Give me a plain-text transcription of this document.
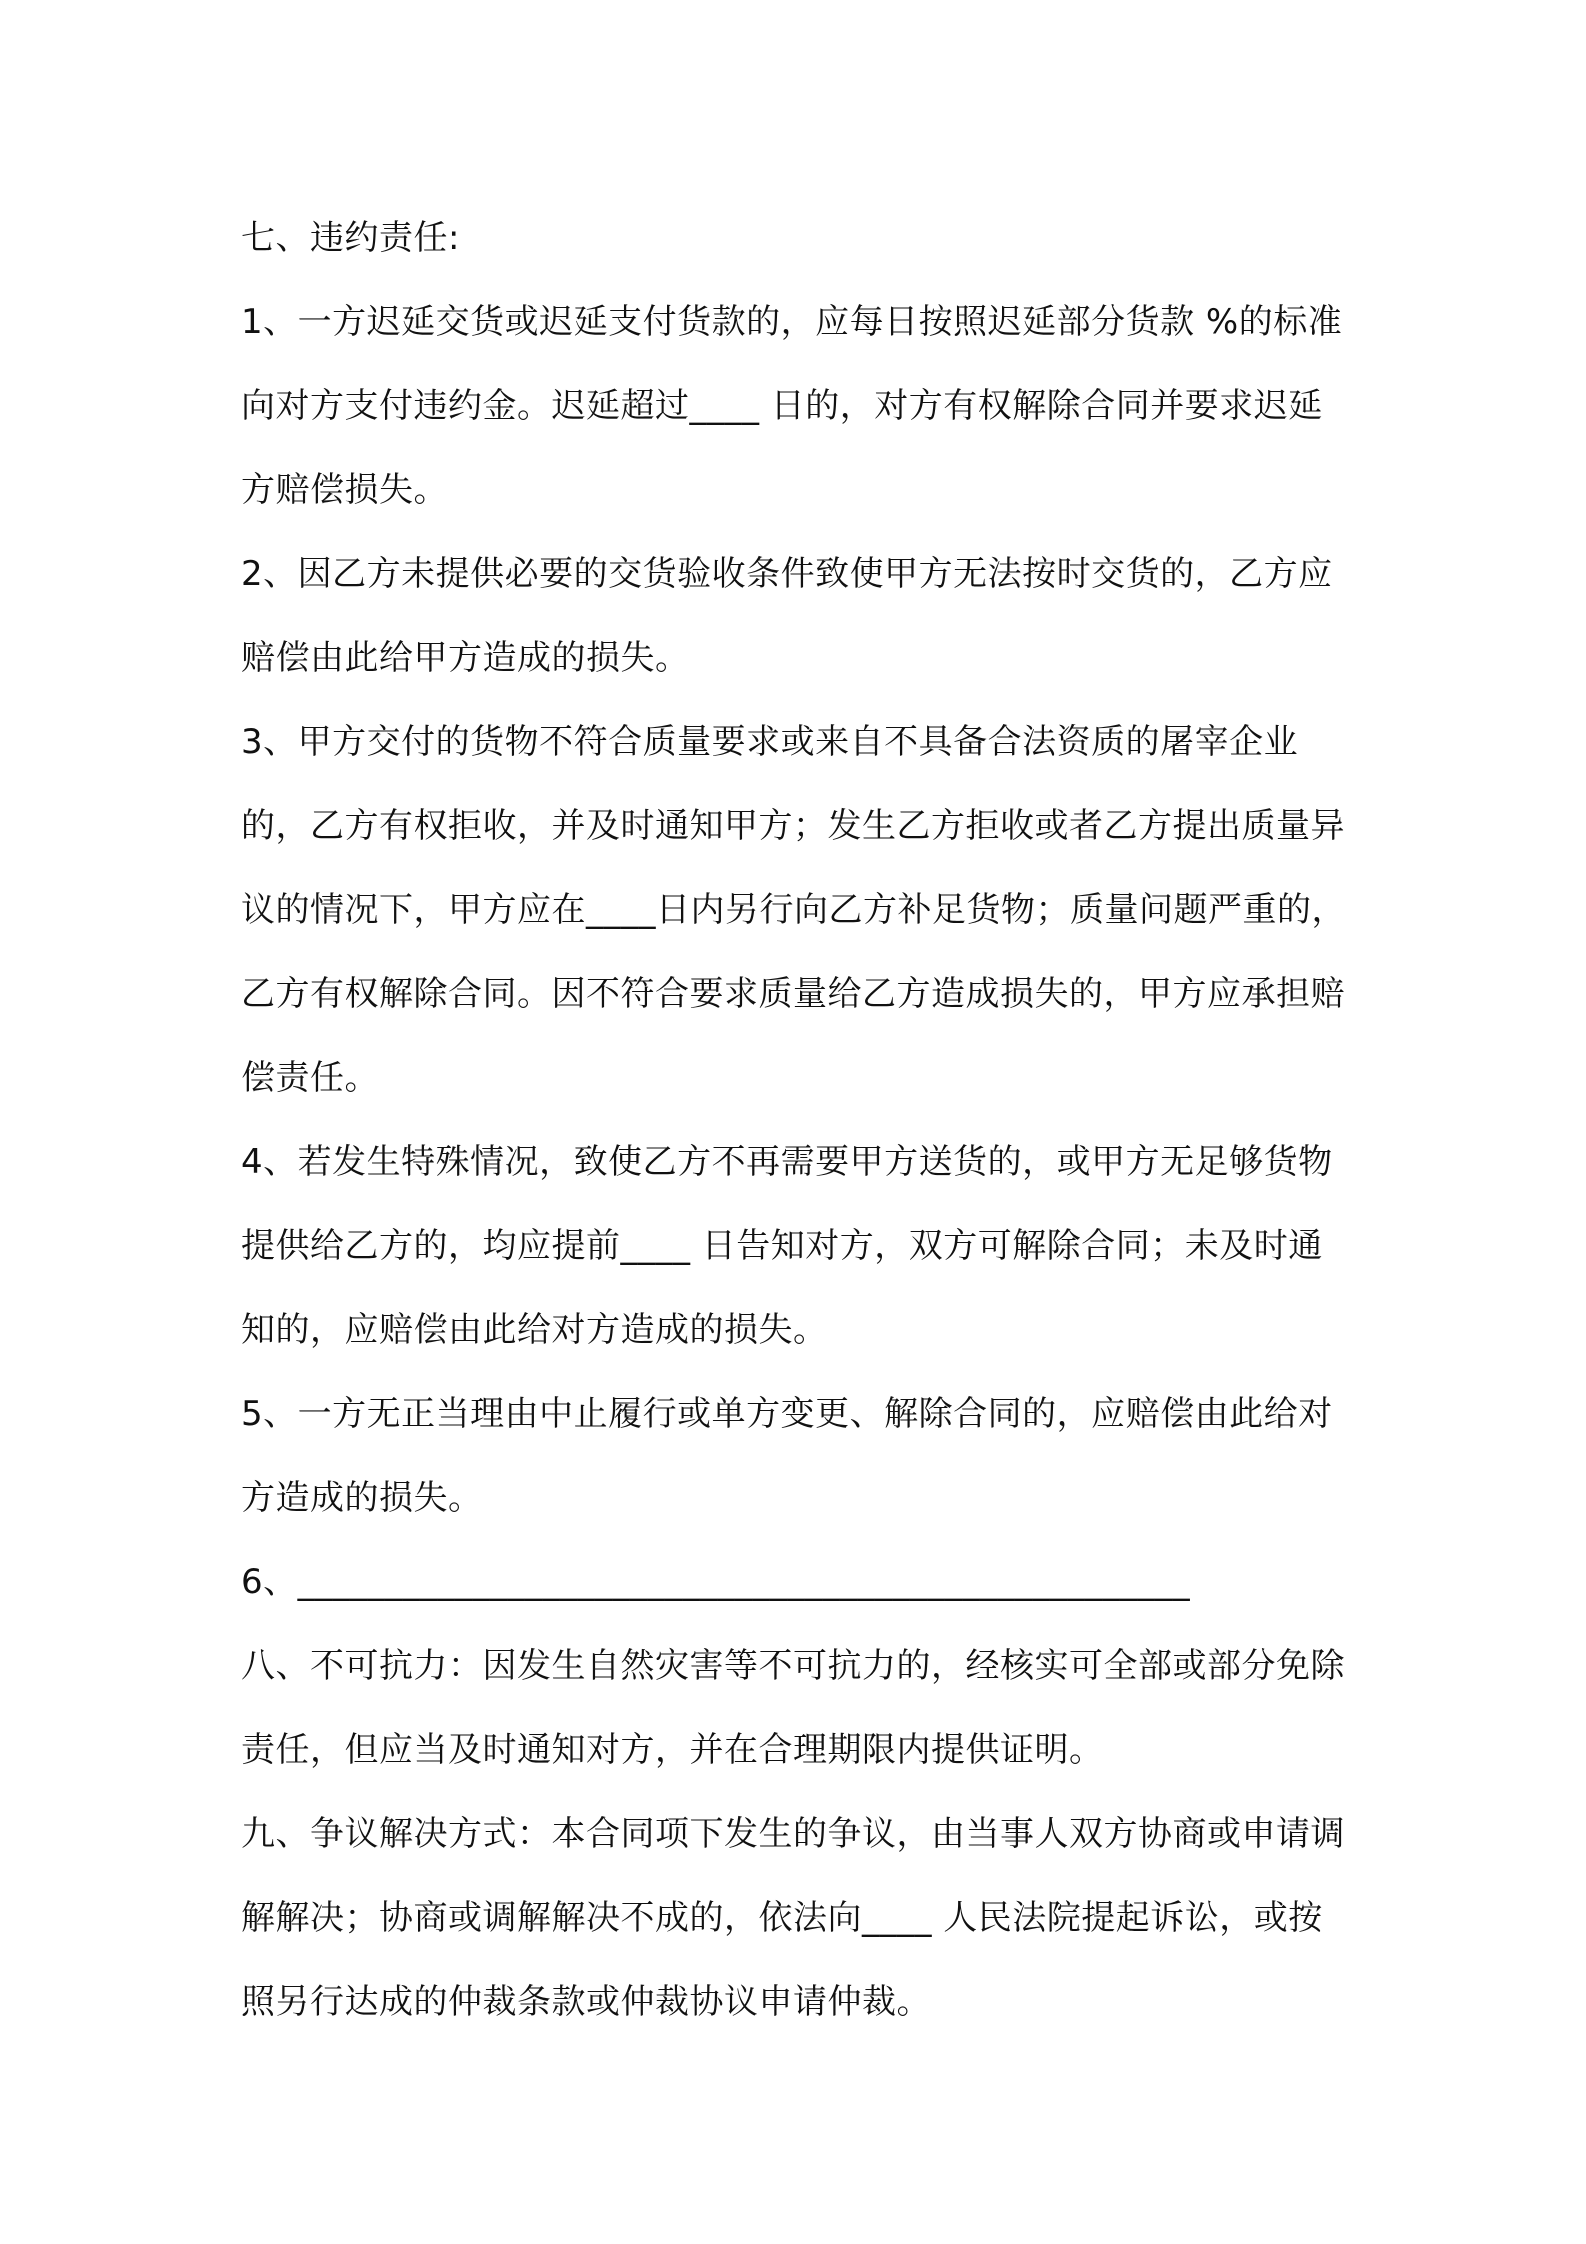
七、违约责任:

1、一方迟延交货或迟延支付货款的，应每日按照迟延部分货款 %的标准向对方支付违约金。迟延超过____ 日的，对方有权解除合同并要求迟延方赔偿损失。

2、因乙方未提供必要的交货验收条件致使甲方无法按时交货的，乙方应赔偿由此给甲方造成的损失。

3、甲方交付的货物不符合质量要求或来自不具备合法资质的屠宰企业的，乙方有权拒收，并及时通知甲方；发生乙方拒收或者乙方提出质量异议的情况下，甲方应在____日内另行向乙方补足货物；质量问题严重的，乙方有权解除合同。因不符合要求质量给乙方造成损失的，甲方应承担赔偿责任。

4、若发生特殊情况，致使乙方不再需要甲方送货的，或甲方无足够货物提供给乙方的，均应提前____ 日告知对方，双方可解除合同；未及时通知的，应赔偿由此给对方造成的损失。

5、一方无正当理由中止履行或单方变更、解除合同的，应赔偿由此给对方造成的损失。

6、___________________________________________________

八、不可抗力：因发生自然灾害等不可抗力的，经核实可全部或部分免除责任，但应当及时通知对方，并在合理期限内提供证明。

九、争议解决方式：本合同项下发生的争议，由当事人双方协商或申请调解解决；协商或调解解决不成的，依法向____ 人民法院提起诉讼，或按照另行达成的仲裁条款或仲裁协议申请仲裁。
